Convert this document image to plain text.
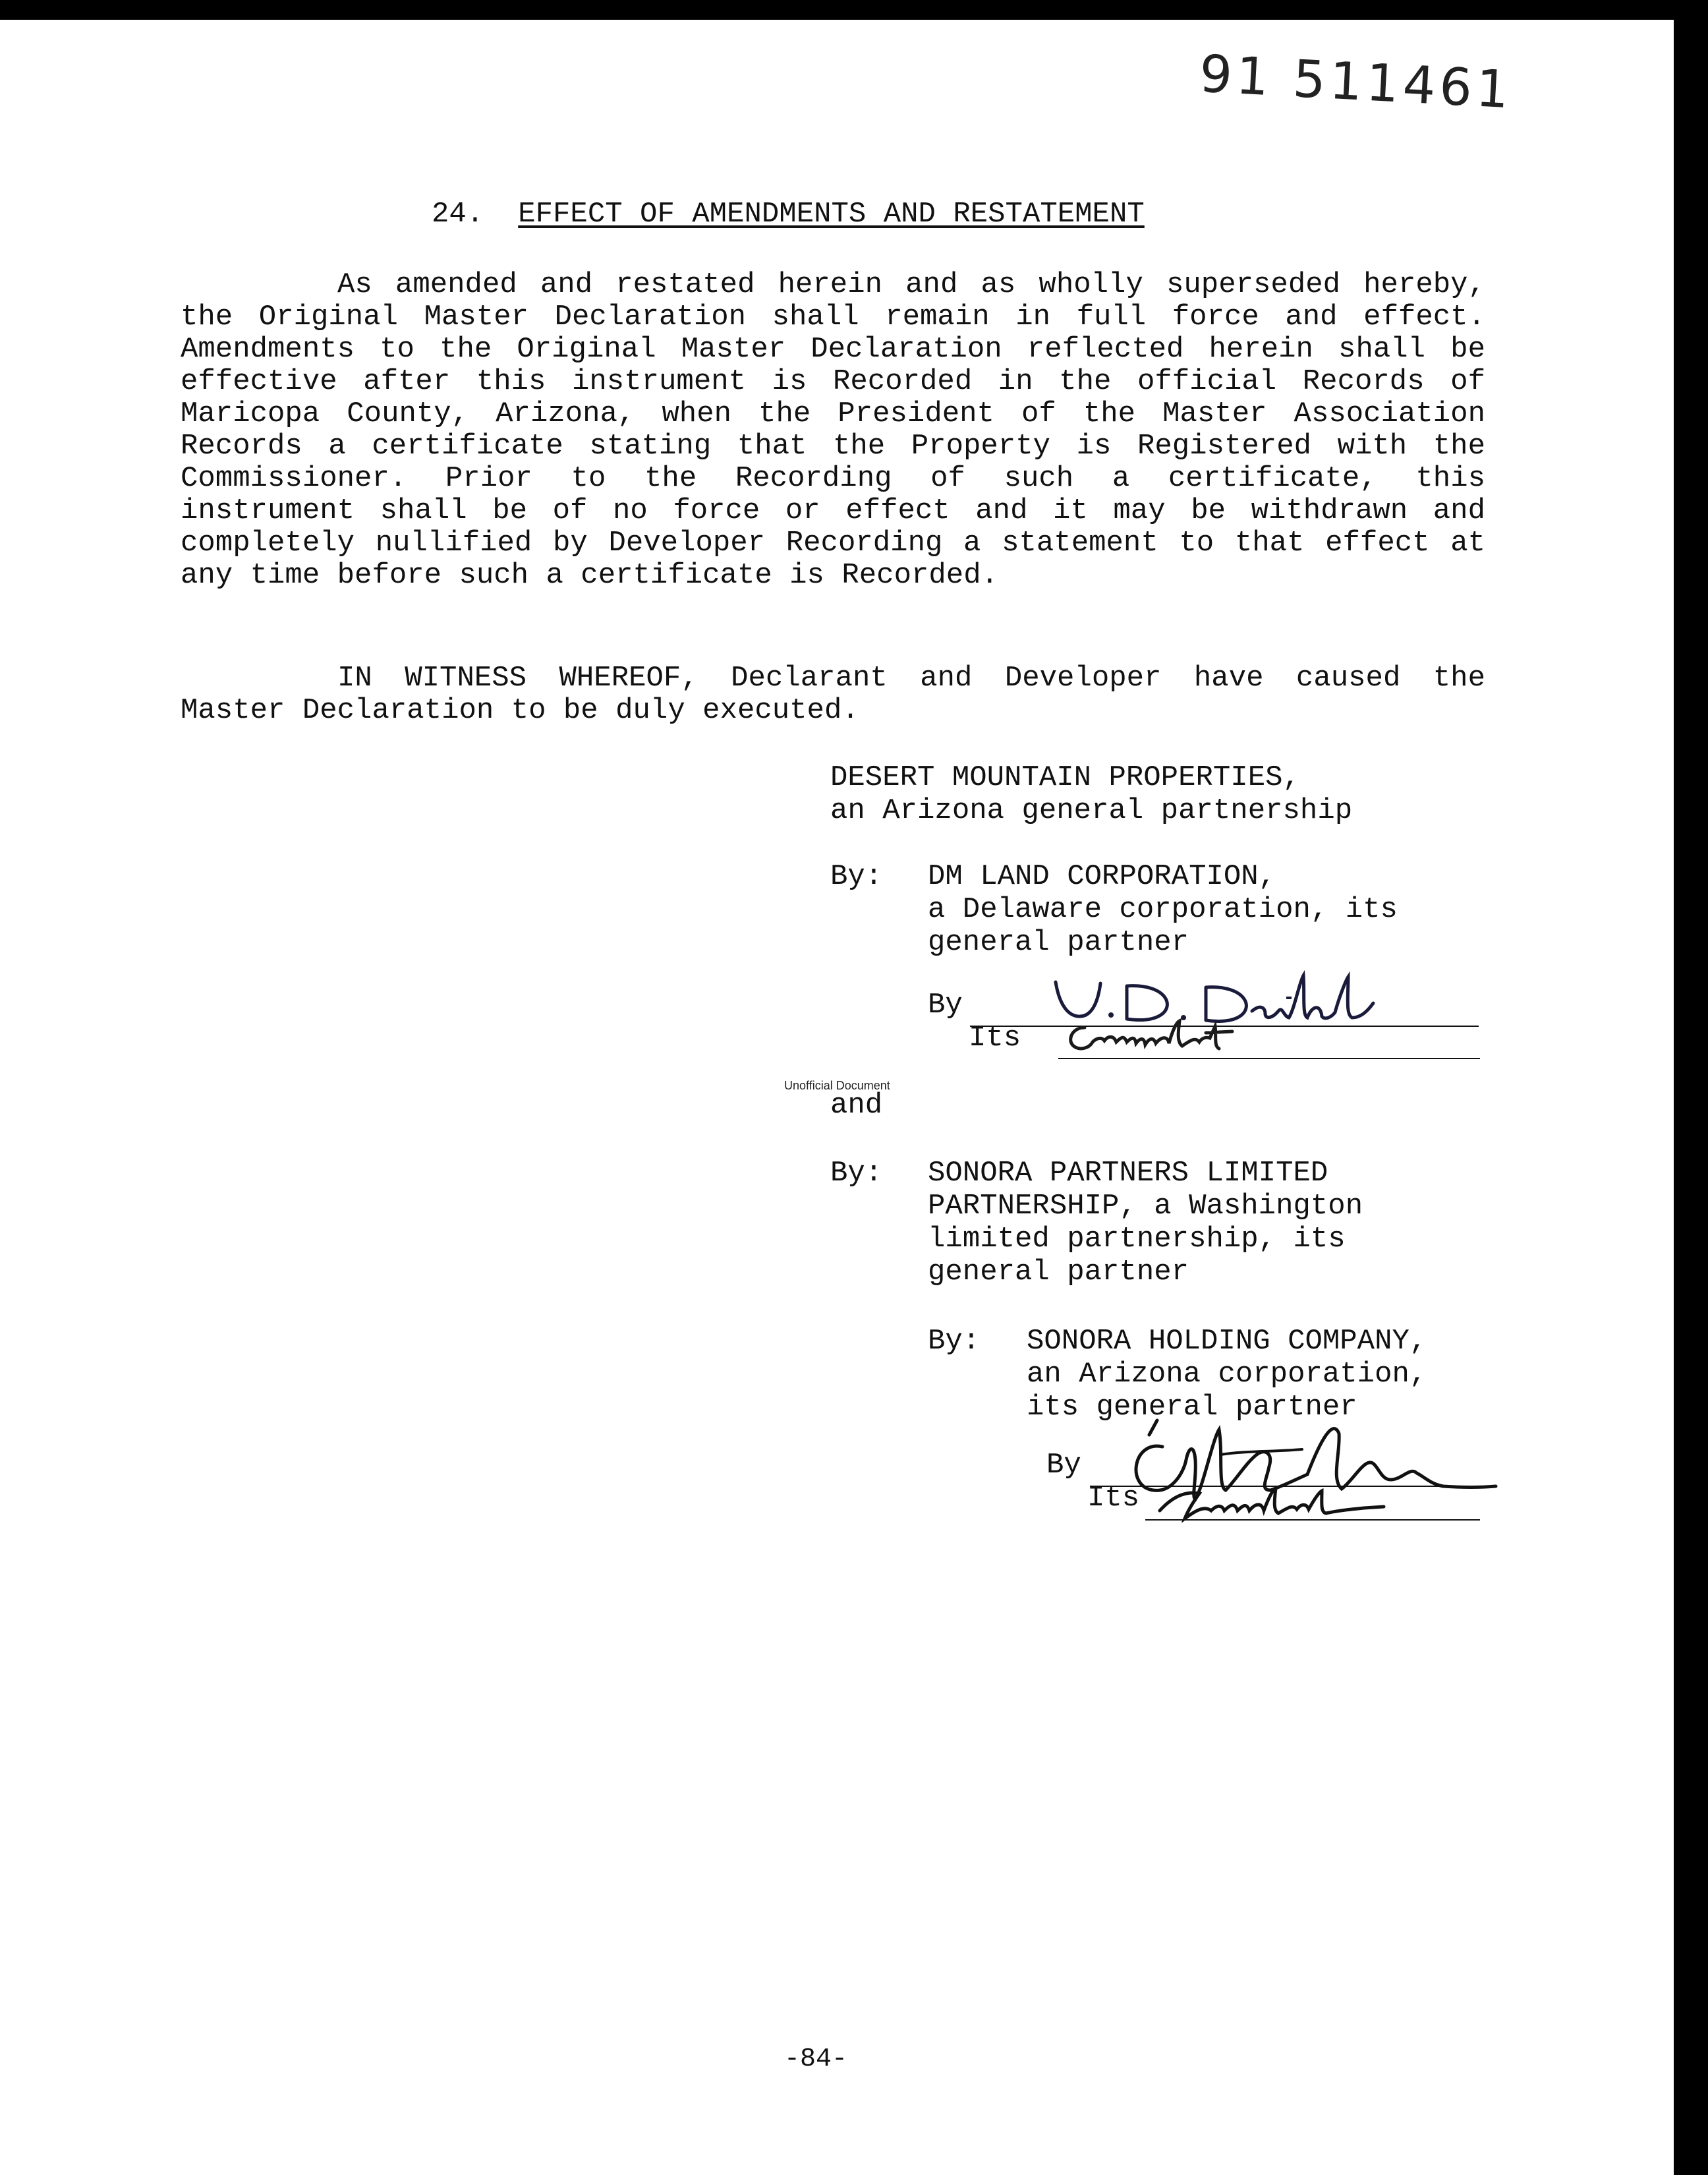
91 511461
24. EFFECT OF AMENDMENTS AND RESTATEMENT

As amended and restated herein and as wholly superseded hereby, the Original Master Declaration shall remain in full force and effect. Amendments to the Original Master Declaration reflected herein shall be effective after this instrument is Recorded in the official Records of Maricopa County, Arizona, when the President of the Master Association Records a certificate stating that the Property is Registered with the Commissioner. Prior to the Recording of such a certificate, this instrument shall be of no force or effect and it may be withdrawn and completely nullified by Developer Recording a statement to that effect at any time before such a certificate is Recorded.

IN WITNESS WHEREOF, Declarant and Developer have caused the Master Declaration to be duly executed.

DESERT MOUNTAIN PROPERTIES,
an Arizona general partnership
By: DM LAND CORPORATION,
a Delaware corporation, its
general partner
By
Its
Unofficial Document
and
By: SONORA PARTNERS LIMITED
PARTNERSHIP, a Washington
limited partnership, its
general partner
By: SONORA HOLDING COMPANY,
an Arizona corporation,
its general partner
By
Its
-84-
